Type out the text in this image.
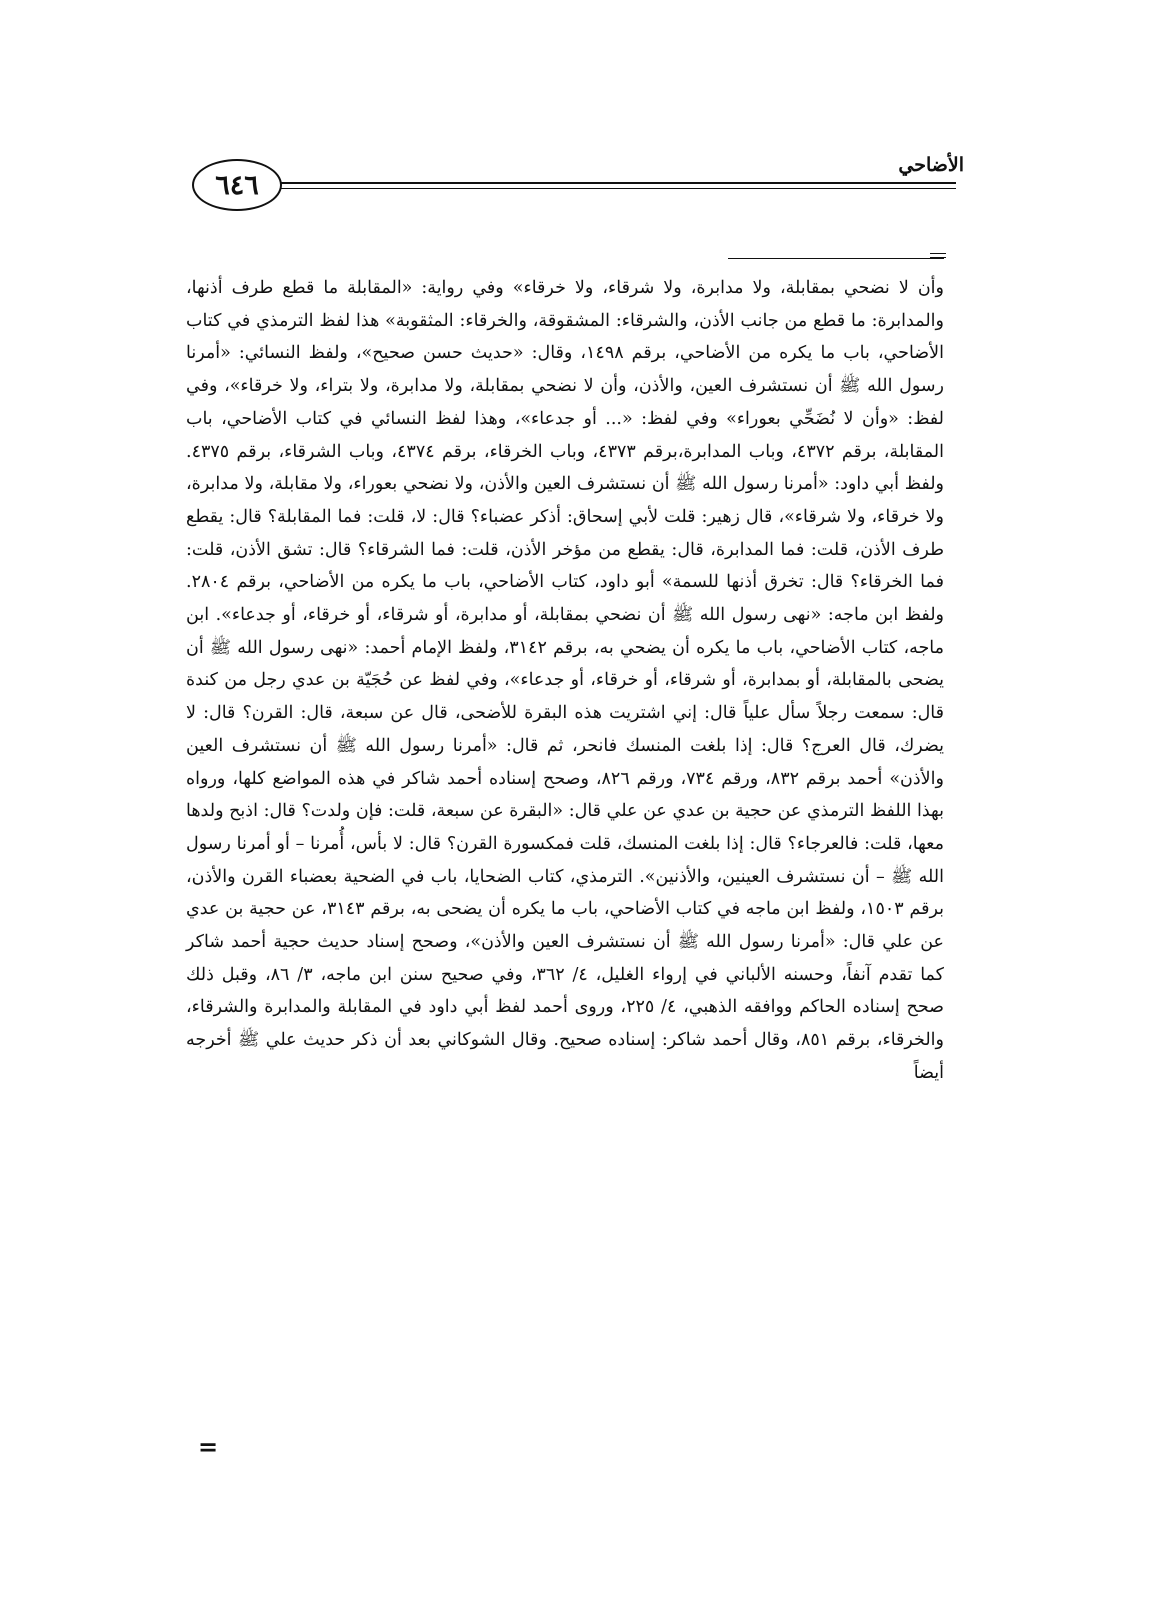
٦٤٦
الأضاحي
وأن لا نضحي بمقابلة، ولا مدابرة، ولا شرقاء، ولا خرقاء» وفي رواية: «المقابلة ما قطع طرف أذنها، والمدابرة: ما قطع من جانب الأذن، والشرقاء: المشقوقة، والخرقاء: المثقوبة» هذا لفظ الترمذي في كتاب الأضاحي، باب ما يكره من الأضاحي، برقم ١٤٩٨، وقال: «حديث حسن صحيح»، ولفظ النسائي: «أمرنا رسول الله ﷺ أن نستشرف العين، والأذن، وأن لا نضحي بمقابلة، ولا مدابرة، ولا بتراء، ولا خرقاء»، وفي لفظ: «وأن لا نُضَحِّي بعوراء» وفي لفظ: «... أو جدعاء»، وهذا لفظ النسائي في كتاب الأضاحي، باب المقابلة، برقم ٤٣٧٢، وباب المدابرة،برقم ٤٣٧٣، وباب الخرقاء، برقم ٤٣٧٤، وباب الشرقاء، برقم ٤٣٧٥. ولفظ أبي داود: «أمرنا رسول الله ﷺ أن نستشرف العين والأذن، ولا نضحي بعوراء، ولا مقابلة، ولا مدابرة، ولا خرقاء، ولا شرقاء»، قال زهير: قلت لأبي إسحاق: أذكر عضباء؟ قال: لا، قلت: فما المقابلة؟ قال: يقطع طرف الأذن، قلت: فما المدابرة، قال: يقطع من مؤخر الأذن، قلت: فما الشرقاء؟ قال: تشق الأذن، قلت: فما الخرقاء؟ قال: تخرق أذنها للسمة» أبو داود، كتاب الأضاحي، باب ما يكره من الأضاحي، برقم ٢٨٠٤. ولفظ ابن ماجه: «نهى رسول الله ﷺ أن نضحي بمقابلة، أو مدابرة، أو شرقاء، أو خرقاء، أو جدعاء». ابن ماجه، كتاب الأضاحي، باب ما يكره أن يضحي به، برقم ٣١٤٢، ولفظ الإمام أحمد: «نهى رسول الله ﷺ أن يضحى بالمقابلة، أو بمدابرة، أو شرقاء، أو خرقاء، أو جدعاء»، وفي لفظ عن حُجَيّة بن عدي رجل من كندة قال: سمعت رجلاً سأل علياً قال: إني اشتريت هذه البقرة للأضحى، قال عن سبعة، قال: القرن؟ قال: لا يضرك، قال العرج؟ قال: إذا بلغت المنسك فانحر، ثم قال: «أمرنا رسول الله ﷺ أن نستشرف العين والأذن» أحمد برقم ٨٣٢، ورقم ٧٣٤، ورقم ٨٢٦، وصحح إسناده أحمد شاكر في هذه المواضع كلها، ورواه بهذا اللفظ الترمذي عن حجية بن عدي عن علي قال: «البقرة عن سبعة، قلت: فإن ولدت؟ قال: اذبح ولدها معها، قلت: فالعرجاء؟ قال: إذا بلغت المنسك، قلت فمكسورة القرن؟ قال: لا بأس، أُمرنا – أو أمرنا رسول الله ﷺ – أن نستشرف العينين، والأذنين». الترمذي، كتاب الضحايا، باب في الضحية بعضباء القرن والأذن، برقم ١٥٠٣، ولفظ ابن ماجه في كتاب الأضاحي، باب ما يكره أن يضحى به، برقم ٣١٤٣، عن حجية بن عدي عن علي قال: «أمرنا رسول الله ﷺ أن نستشرف العين والأذن»، وصحح إسناد حديث حجية أحمد شاكر كما تقدم آنفاً، وحسنه الألباني في إرواء الغليل، ٤/ ٣٦٢، وفي صحيح سنن ابن ماجه، ٣/ ٨٦، وقبل ذلك صحح إسناده الحاكم ووافقه الذهبي، ٤/ ٢٢٥، وروى أحمد لفظ أبي داود في المقابلة والمدابرة والشرقاء، والخرقاء، برقم ٨٥١، وقال أحمد شاكر: إسناده صحيح. وقال الشوكاني بعد أن ذكر حديث علي ﷺ أخرجه أيضاً
=
